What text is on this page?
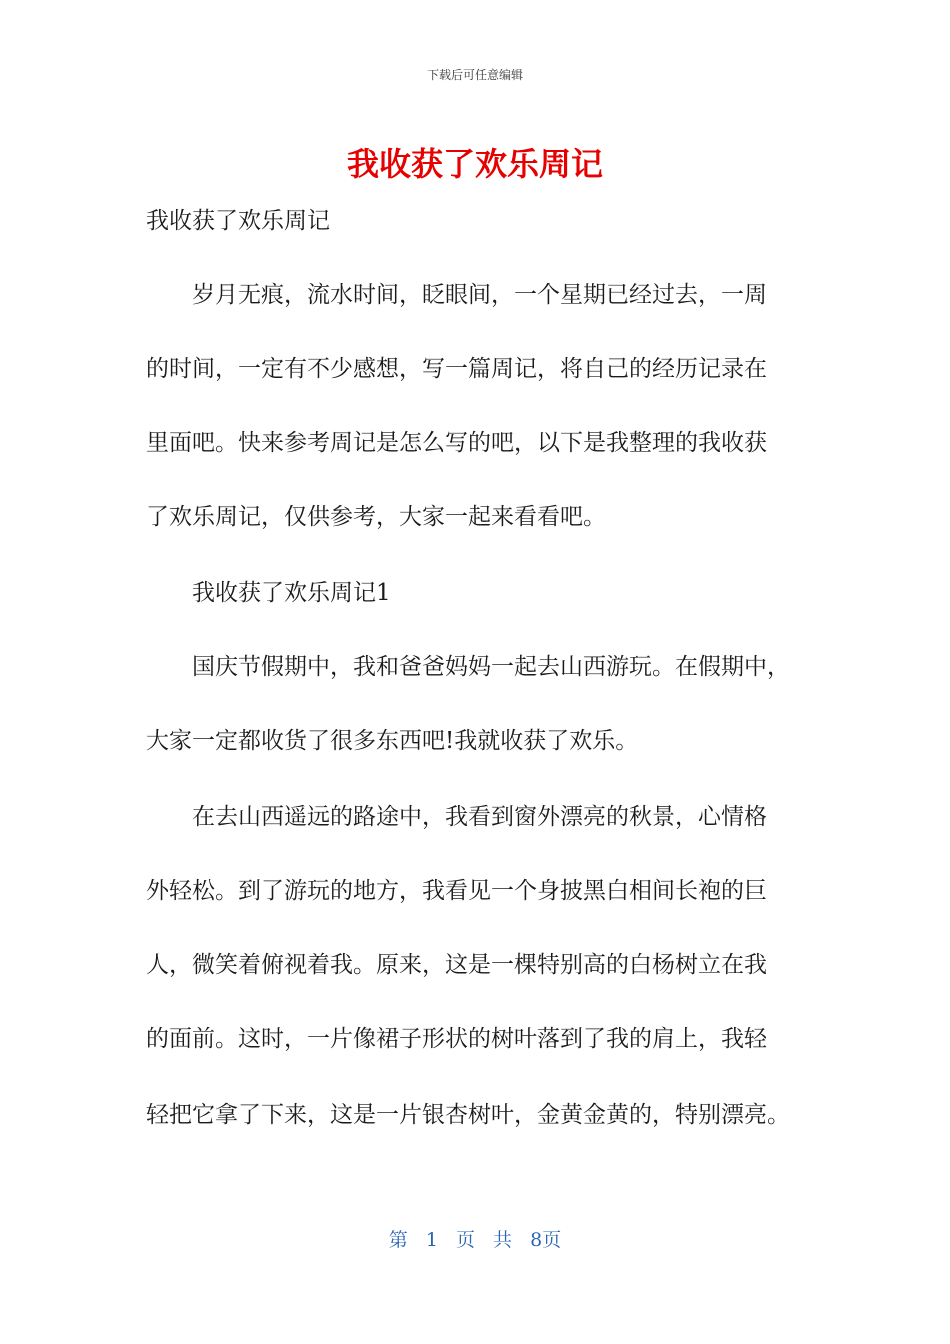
下载后可任意编辑
我收获了欢乐周记
我收获了欢乐周记
　　岁月无痕，流水时间，眨眼间，一个星期已经过去，一周
的时间，一定有不少感想，写一篇周记，将自己的经历记录在
里面吧。快来参考周记是怎么写的吧，以下是我整理的我收获
了欢乐周记，仅供参考，大家一起来看看吧。
　　我收获了欢乐周记1
　　国庆节假期中，我和爸爸妈妈一起去山西游玩。在假期中，
大家一定都收货了很多东西吧!我就收获了欢乐。
　　在去山西遥远的路途中，我看到窗外漂亮的秋景，心情格
外轻松。到了游玩的地方，我看见一个身披黑白相间长袍的巨
人，微笑着俯视着我。原来，这是一棵特别高的白杨树立在我
的面前。这时，一片像裙子形状的树叶落到了我的肩上，我轻
轻把它拿了下来，这是一片银杏树叶，金黄金黄的，特别漂亮。
第 1 页 共 8页
